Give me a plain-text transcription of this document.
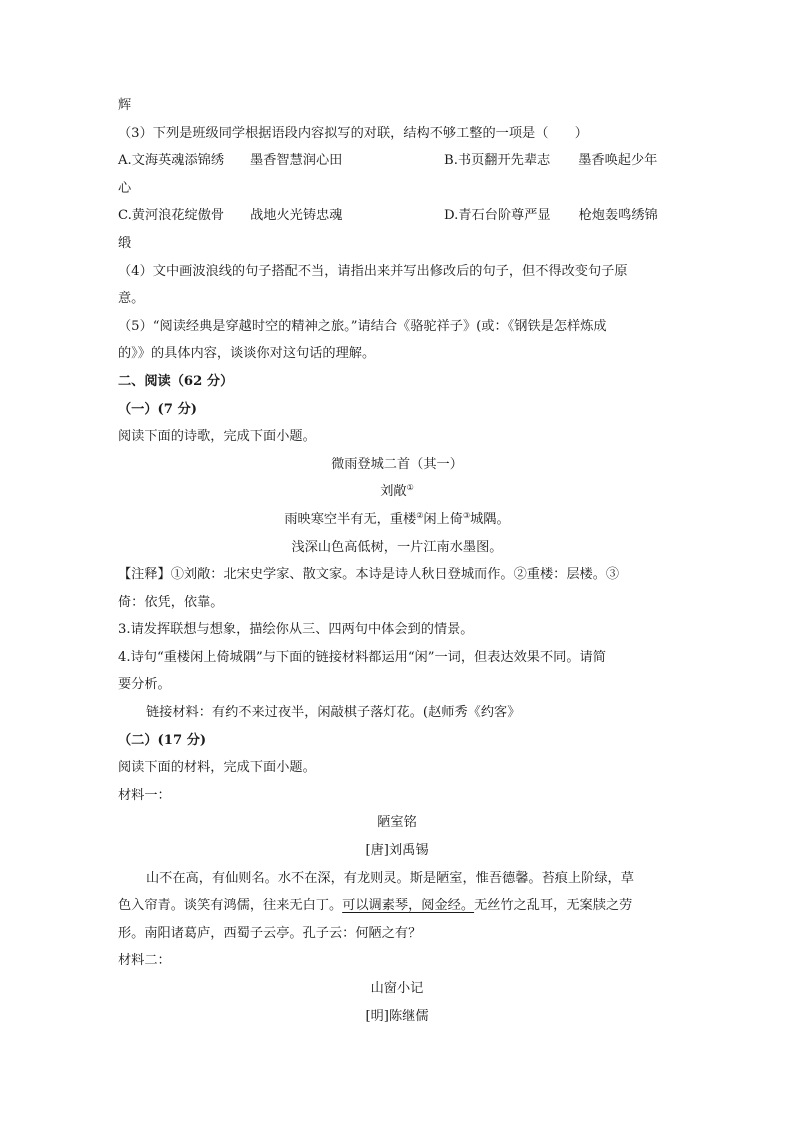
辉
（3）下列是班级同学根据语段内容拟写的对联，结构不够工整的一项是（　　）
A.文海英魂添锦绣 墨香智慧润心田	B.书页翻开先辈志 墨香唤起少年
心
C.黄河浪花绽傲骨 战地火光铸忠魂	D.青石台阶尊严显 枪炮轰鸣绣锦
缎
（4）文中画波浪线的句子搭配不当，请指出来并写出修改后的句子，但不得改变句子原
意。
（5）“阅读经典是穿越时空的精神之旅。”请结合《骆驼祥子》(或：《钢铁是怎样炼成
的》》的具体内容，谈谈你对这句话的理解。
二、阅读（62 分）
（一）(7 分)
阅读下面的诗歌，完成下面小题。
微雨登城二首（其一）
刘敞①
雨映寒空半有无，重楼②闲上倚③城隅。
浅深山色高低树，一片江南水墨图。
【注释】①刘敞：北宋史学家、散文家。本诗是诗人秋日登城而作。②重楼：层楼。③
倚：依凭，依靠。
3.请发挥联想与想象，描绘你从三、四两句中体会到的情景。
4.诗句“重楼闲上倚城隅”与下面的链接材料都运用“闲”一词，但表达效果不同。请简
要分析。
链接材料：有约不来过夜半，闲敲棋子落灯花。(赵师秀《约客》
（二）(17 分)
阅读下面的材料，完成下面小题。
材料一：
陋室铭
[唐]刘禹锡
山不在高，有仙则名。水不在深，有龙则灵。斯是陋室，惟吾德馨。苔痕上阶绿，草
色入帘青。谈笑有鸿儒，往来无白丁。可以调素琴，阅金经。无丝竹之乱耳，无案牍之劳
形。南阳诸葛庐，西蜀子云亭。孔子云：何陋之有？
材料二：
山窗小记
[明]陈继儒
